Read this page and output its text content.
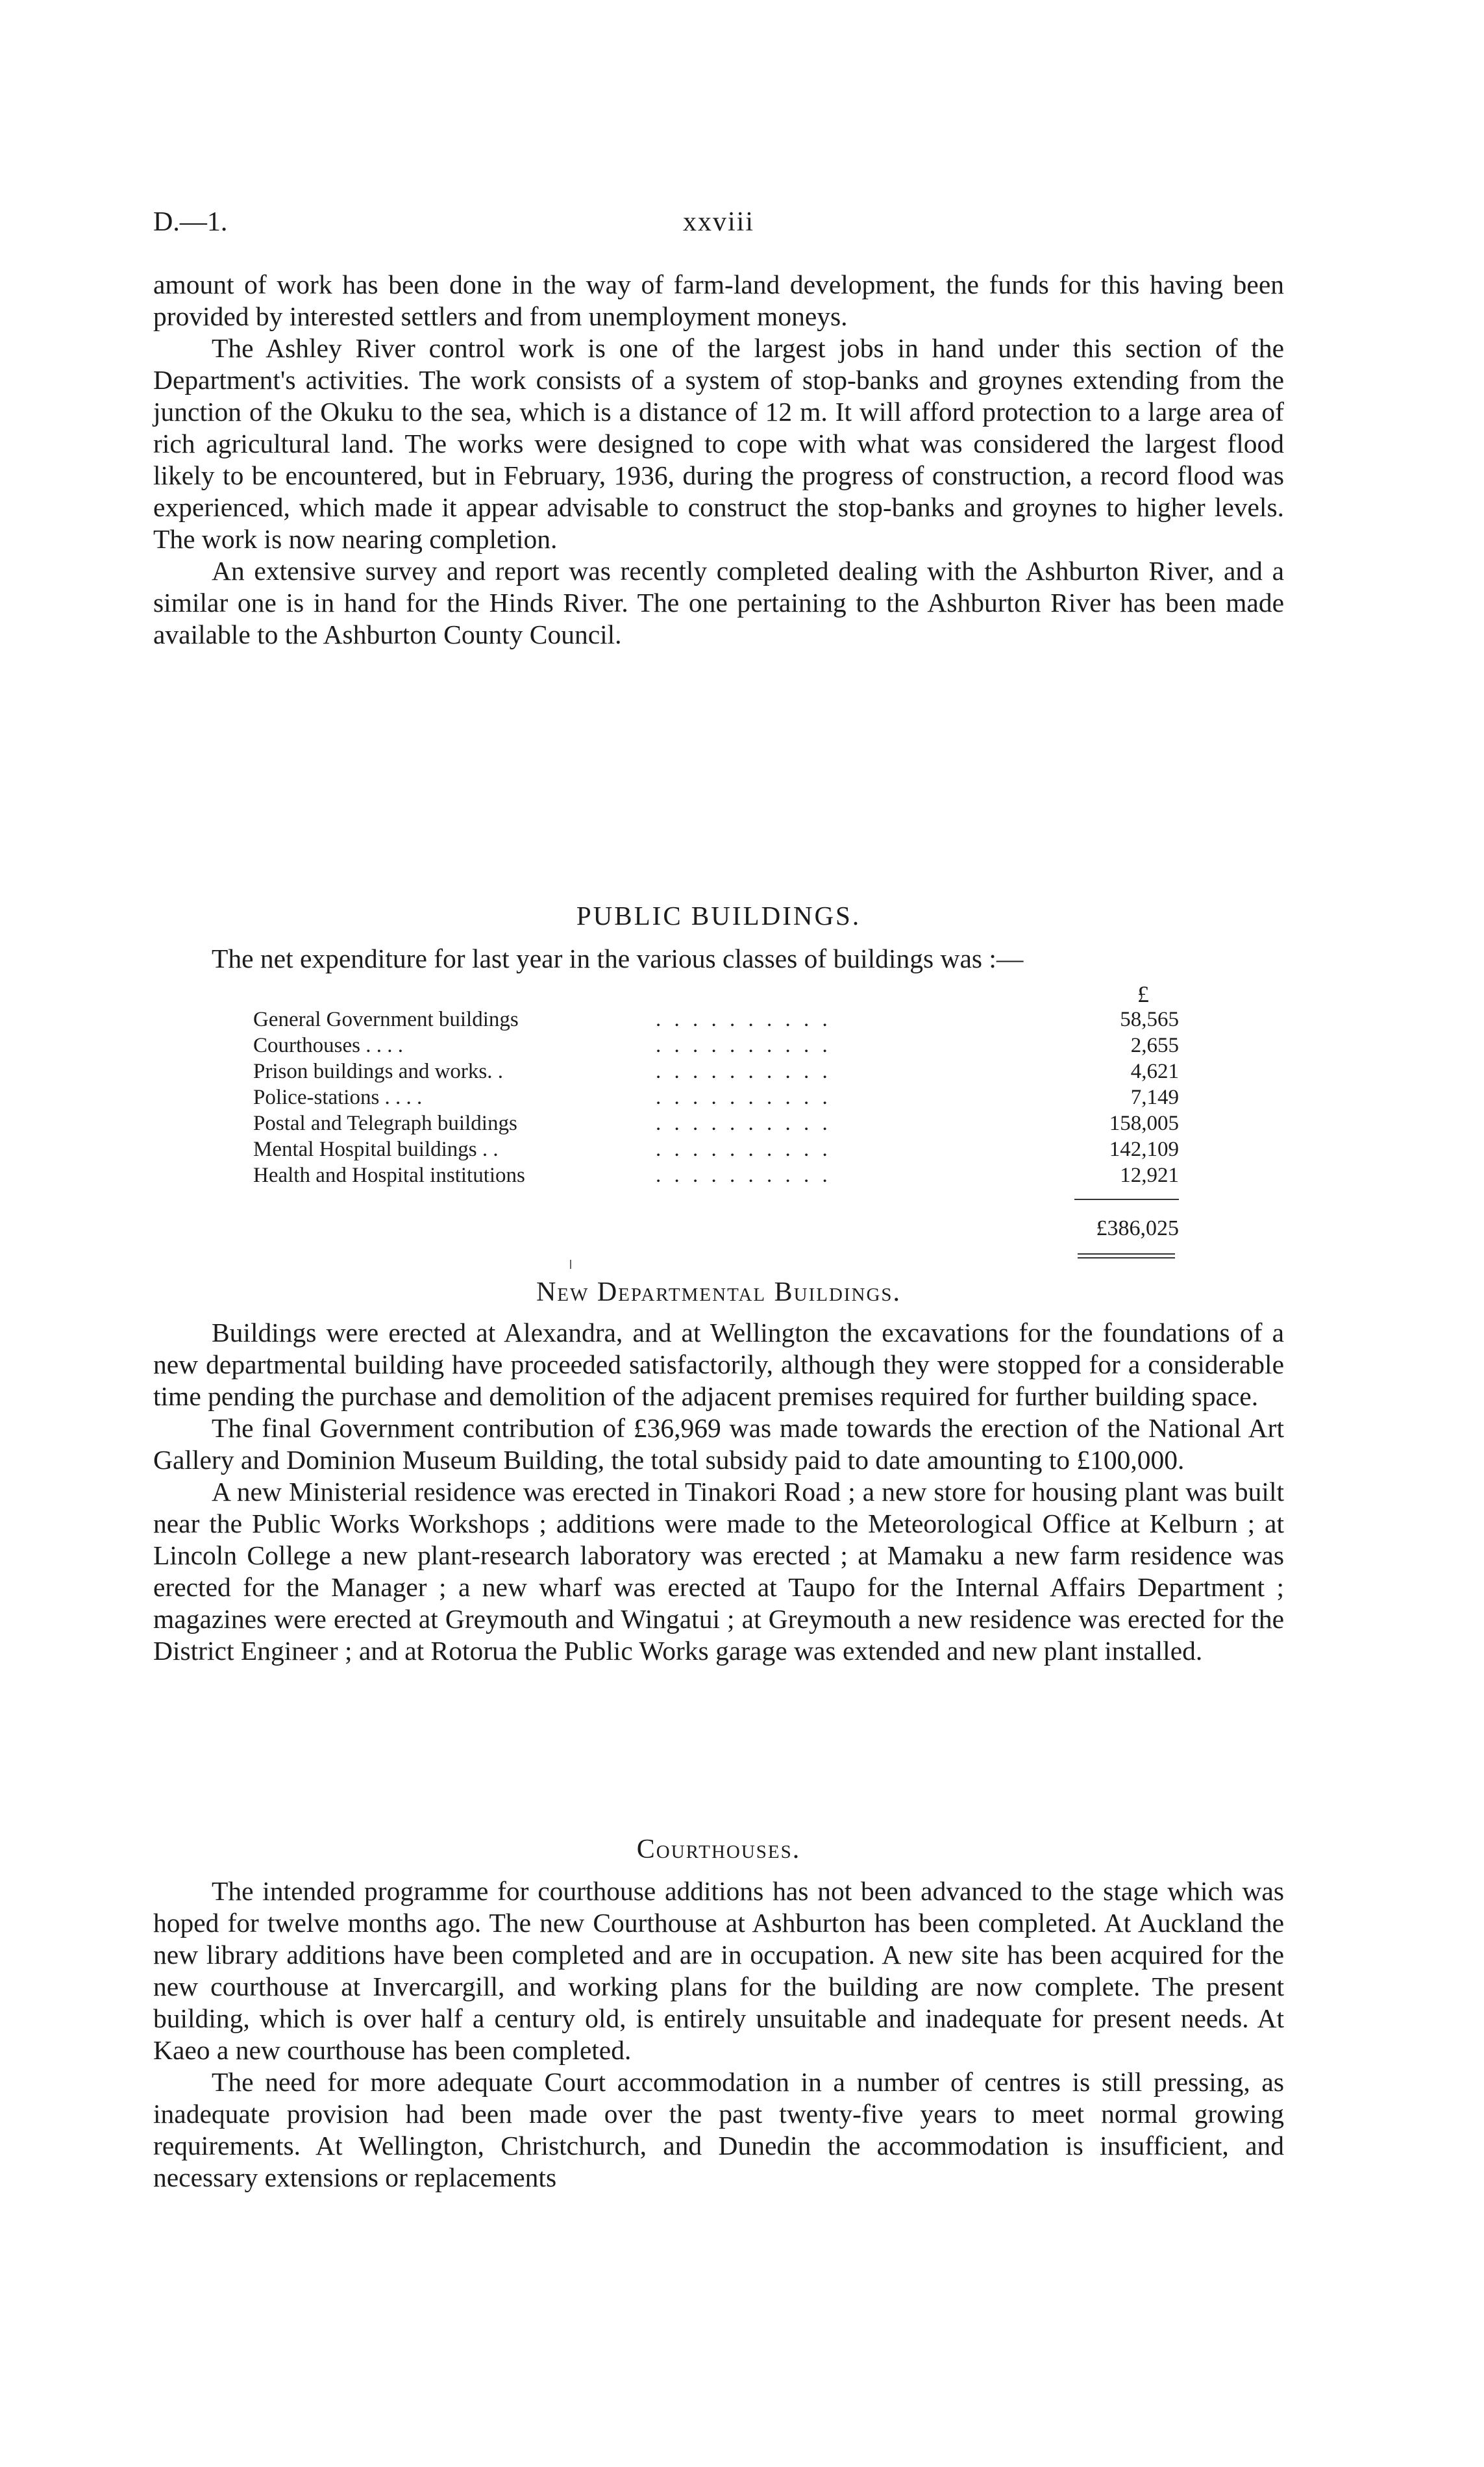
D.—1.	xxviii

amount of work has been done in the way of farm-land development, the funds for this having been provided by interested settlers and from unemployment moneys.

The Ashley River control work is one of the largest jobs in hand under this section of the Department's activities. The work consists of a system of stop-banks and groynes extending from the junction of the Okuku to the sea, which is a distance of 12 m. It will afford protection to a large area of rich agricultural land. The works were designed to cope with what was considered the largest flood likely to be encountered, but in February, 1936, during the progress of construction, a record flood was experienced, which made it appear advisable to construct the stop-banks and groynes to higher levels. The work is now nearing completion.

An extensive survey and report was recently completed dealing with the Ashburton River, and a similar one is in hand for the Hinds River. The one pertaining to the Ashburton River has been made available to the Ashburton County Council.

PUBLIC BUILDINGS.
The net expenditure for last year in the various classes of buildings was :—
£
General Government buildings	. . . . . . . . . .	58,565
Courthouses . . . .	. . . . . . . . . .	2,655
Prison buildings and works. .	. . . . . . . . . .	4,621
Police-stations . . . .	. . . . . . . . . .	7,149
Postal and Telegraph buildings	. . . . . . . . . .	158,005
Mental Hospital buildings . .	. . . . . . . . . .	142,109
Health and Hospital institutions	. . . . . . . . . .	12,921
£386,025
New Departmental Buildings.

Buildings were erected at Alexandra, and at Wellington the excavations for the foundations of a new departmental building have proceeded satisfactorily, although they were stopped for a considerable time pending the purchase and demolition of the adjacent premises required for further building space.

The final Government contribution of £36,969 was made towards the erection of the National Art Gallery and Dominion Museum Building, the total subsidy paid to date amounting to £100,000.

A new Ministerial residence was erected in Tinakori Road ; a new store for housing plant was built near the Public Works Workshops ; additions were made to the Meteorological Office at Kelburn ; at Lincoln College a new plant-research laboratory was erected ; at Mamaku a new farm residence was erected for the Manager ; a new wharf was erected at Taupo for the Internal Affairs Department ; magazines were erected at Greymouth and Wingatui ; at Greymouth a new residence was erected for the District Engineer ; and at Rotorua the Public Works garage was extended and new plant installed.

Courthouses.

The intended programme for courthouse additions has not been advanced to the stage which was hoped for twelve months ago. The new Courthouse at Ashburton has been completed. At Auckland the new library additions have been completed and are in occupation. A new site has been acquired for the new courthouse at Invercargill, and working plans for the building are now complete. The present building, which is over half a century old, is entirely unsuitable and inadequate for present needs. At Kaeo a new courthouse has been completed.

The need for more adequate Court accommodation in a number of centres is still pressing, as inadequate provision had been made over the past twenty-five years to meet normal growing requirements. At Wellington, Christchurch, and Dunedin the accommodation is insufficient, and necessary extensions or replacements
